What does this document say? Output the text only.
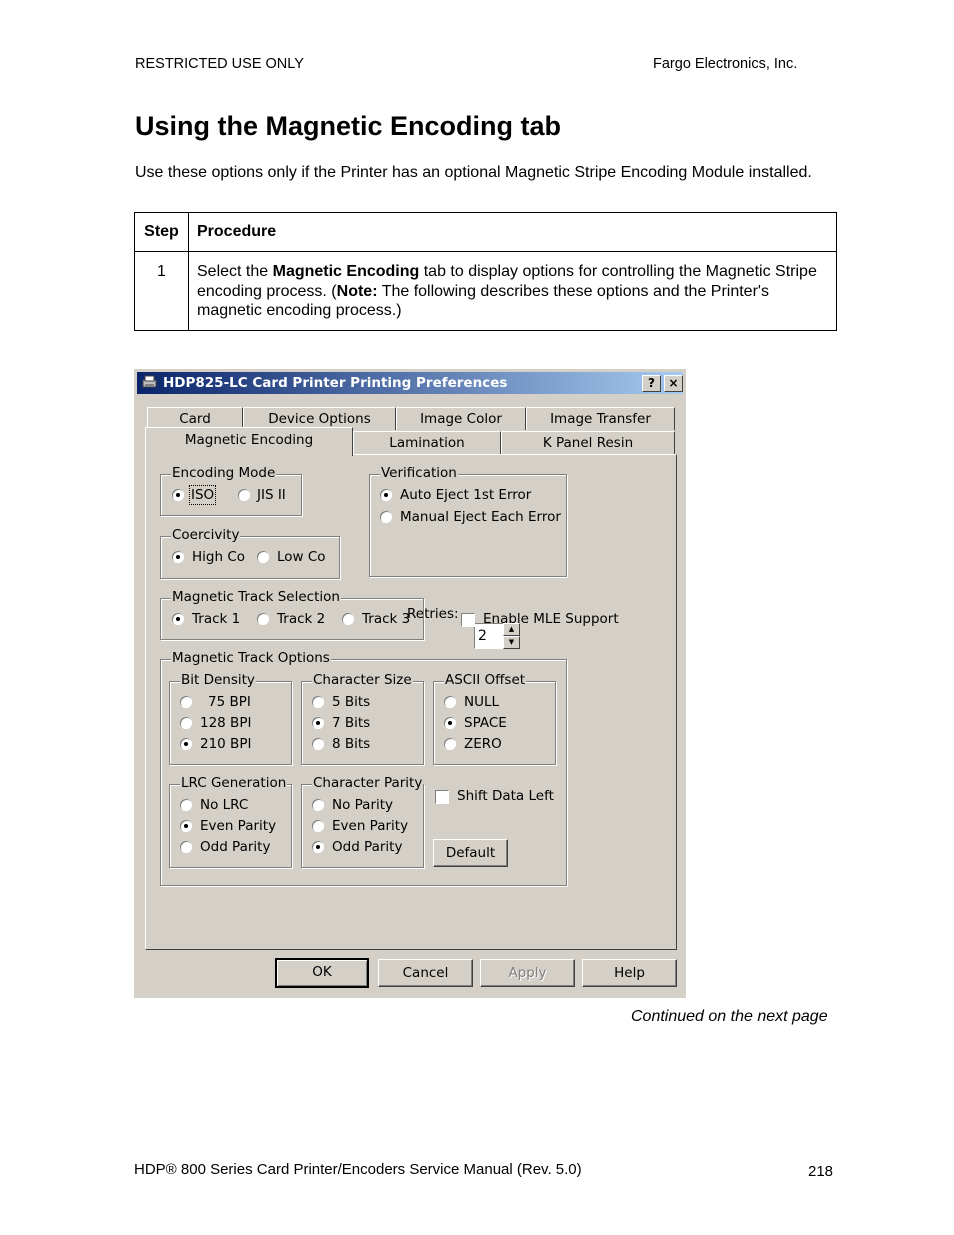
RESTRICTED USE ONLY	Fargo Electronics, Inc.
Using the Magnetic Encoding tab
Use these options only if the Printer has an optional Magnetic Stripe Encoding Module installed.
Step	Procedure
1	Select the Magnetic Encoding tab to display options for controlling the Magnetic Stripe encoding process. (Note: The following describes these options and the Printer's magnetic encoding process.)
HDP825-LC Card Printer Printing Preferences	?	×
Card	Device Options	Image Color	Image Transfer
Encoding Mode
ISO	JIS II
Verification
Auto Eject 1st Error
Manual Eject Each Error
Retries:
2	▲
▼
Coercivity
High Co Low Co
Magnetic Track Selection
Track 1	Track 2	Track 3	Enable MLE Support
Magnetic Track Options
Bit Density
75 BPI
128 BPI
210 BPI
Character Size
5 Bits
7 Bits
8 Bits
ASCII Offset
NULL
SPACE
ZERO
LRC Generation
No LRC
Even Parity
Odd Parity
Character Parity
No Parity
Even Parity
Odd Parity
Shift Data Left
Default
Magnetic Encoding	Lamination	K Panel Resin
OK	Cancel	Apply	Help
Continued on the next page
HDP® 800 Series Card Printer/Encoders Service Manual (Rev. 5.0)	218
